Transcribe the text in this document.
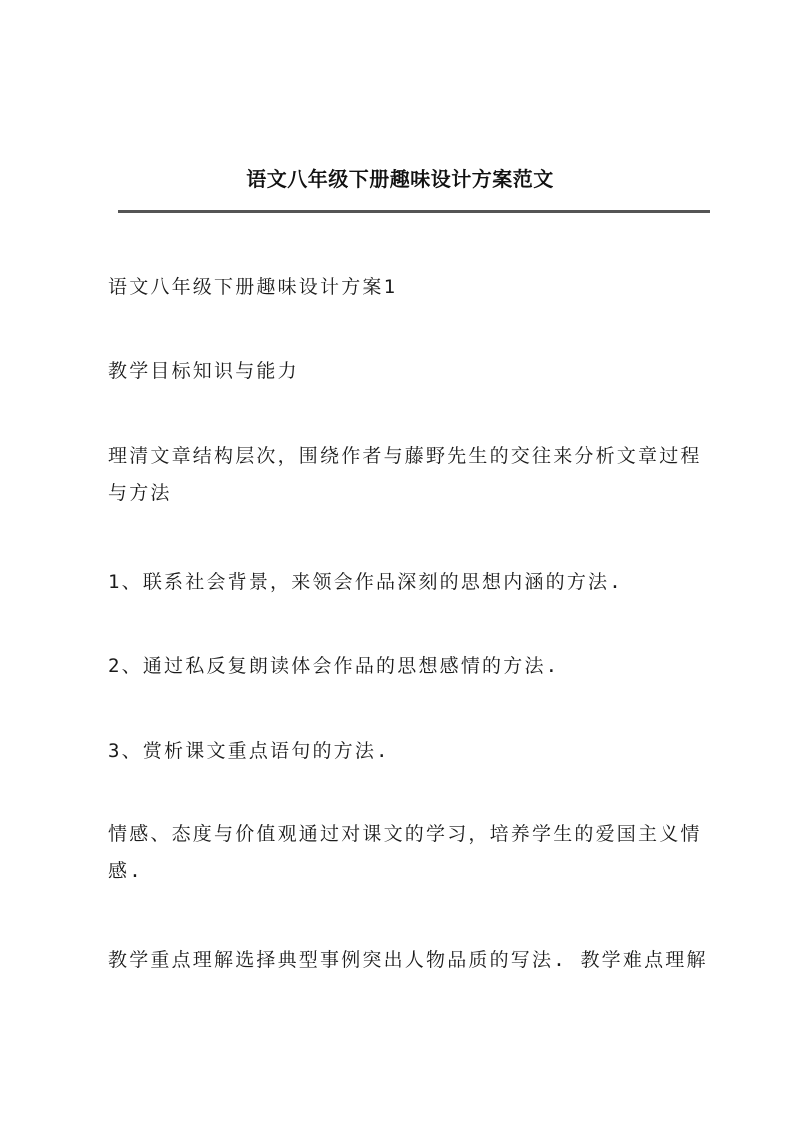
语文八年级下册趣味设计方案范文
语文八年级下册趣味设计方案1
教学目标知识与能力
理清文章结构层次，围绕作者与藤野先生的交往来分析文章过程与方法
1、联系社会背景，来领会作品深刻的思想内涵的方法.
2、通过私反复朗读体会作品的思想感情的方法.
3、赏析课文重点语句的方法.
情感、态度与价值观通过对课文的学习，培养学生的爱国主义情感.
教学重点理解选择典型事例突出人物品质的写法. 教学难点理解
